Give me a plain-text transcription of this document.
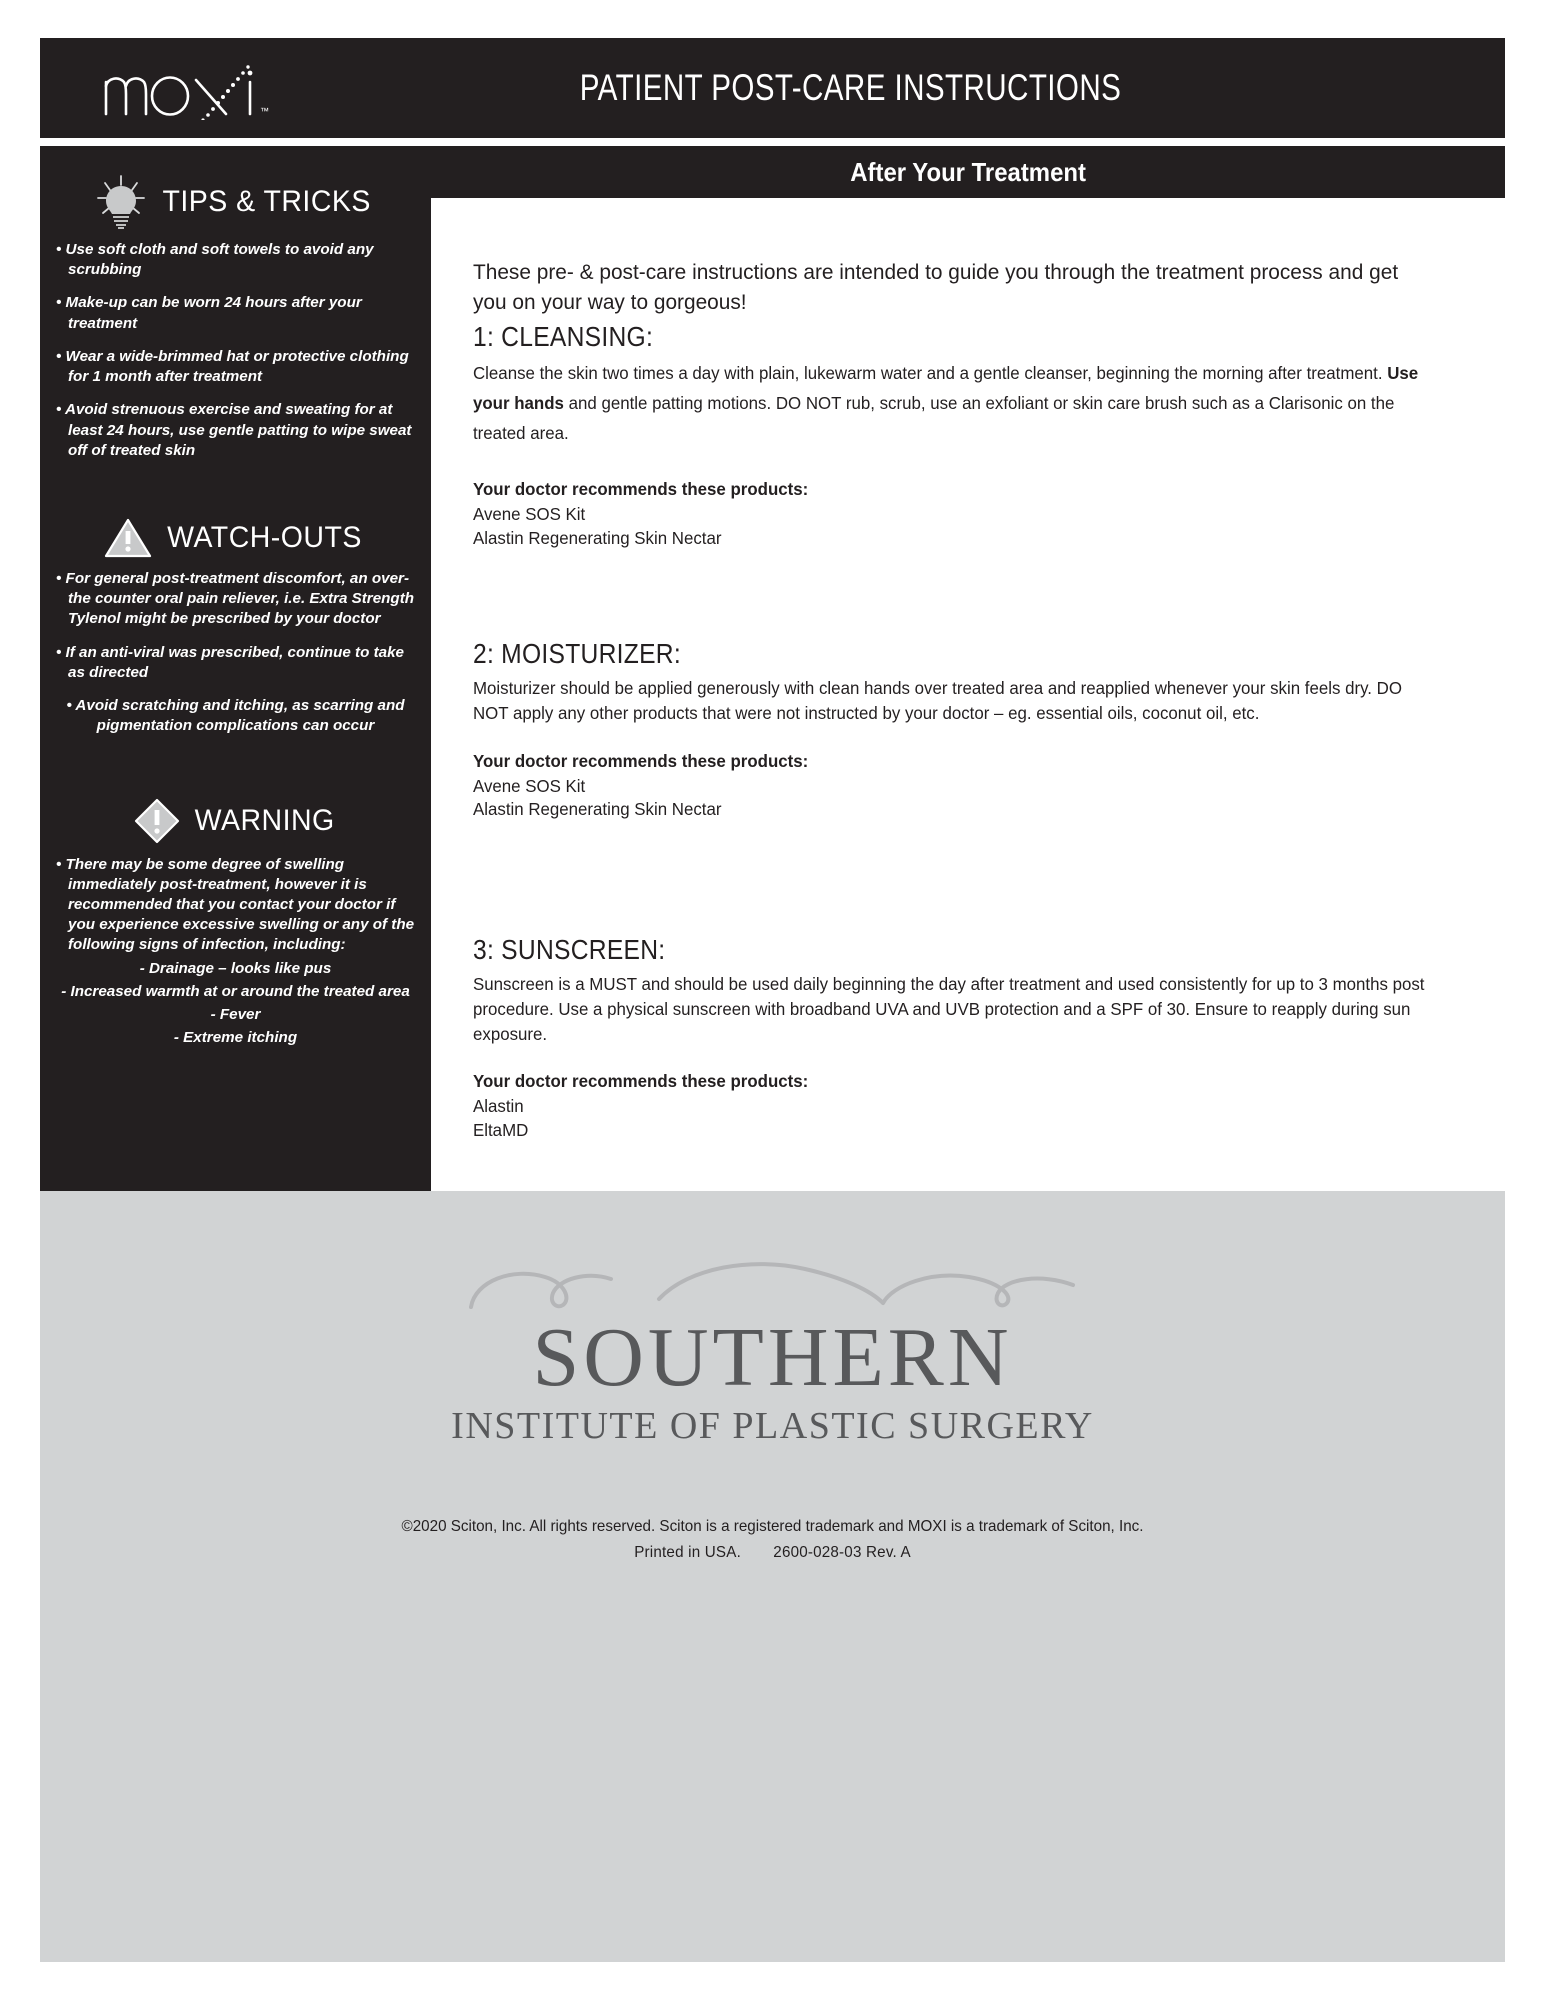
™
PATIENT POST-CARE INSTRUCTIONS
TIPS & TRICKS
• Use soft cloth and soft towels to avoid any scrubbing
• Make-up can be worn 24 hours after your treatment
• Wear a wide-brimmed hat or protective clothing for 1 month after treatment
• Avoid strenuous exercise and sweating for at least 24 hours, use gentle patting to wipe sweat off of treated skin
WATCH-OUTS
• For general post-treatment discomfort, an over-the counter oral pain reliever, i.e. Extra Strength Tylenol might be prescribed by your doctor
• If an anti-viral was prescribed, continue to take as directed
• Avoid scratching and itching, as scarring and pigmentation complications can occur
WARNING
• There may be some degree of swelling immediately post-treatment, however it is recommended that you contact your doctor if you experience excessive swelling or any of the following signs of infection, including:
- Drainage – looks like pus
- Increased warmth at or around the treated area
- Fever
- Extreme itching
After Your Treatment

These pre- & post-care instructions are intended to guide you through the treatment process and get you on your way to gorgeous!

1: CLEANSING:

Cleanse the skin two times a day with plain, lukewarm water and a gentle cleanser, beginning the morning after treatment. Use your hands and gentle patting motions. DO NOT rub, scrub, use an exfoliant or skin care brush such as a Clarisonic on the treated area.

Your doctor recommends these products:

Avene SOS Kit

Alastin Regenerating Skin Nectar

2: MOISTURIZER:

Moisturizer should be applied generously with clean hands over treated area and reapplied whenever your skin feels dry. DO NOT apply any other products that were not instructed by your doctor – eg. essential oils, coconut oil, etc.

Your doctor recommends these products:

Avene SOS Kit

Alastin Regenerating Skin Nectar

3: SUNSCREEN:

Sunscreen is a MUST and should be used daily beginning the day after treatment and used consistently for up to 3 months post procedure. Use a physical sunscreen with broadband UVA and UVB protection and a SPF of 30. Ensure to reapply during sun exposure.

Your doctor recommends these products:

Alastin

EltaMD

SOUTHERN
INSTITUTE OF PLASTIC SURGERY
©2020 Sciton, Inc. All rights reserved. Sciton is a registered trademark and MOXI is a trademark of Sciton, Inc.
Printed in USA. 2600-028-03 Rev. A
